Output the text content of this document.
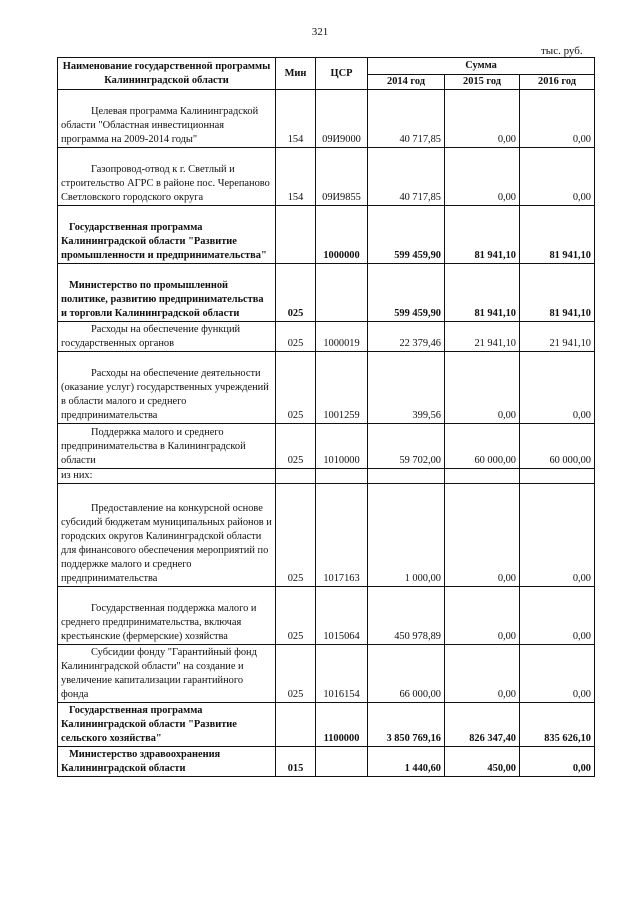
321
тыс. руб.
Наименование государственной программы Калининградской области	Мин	ЦСР	Сумма		
			2014 год	2015 год	2016 год
Целевая программа Калининградской области "Областная инвестиционная программа на 2009-2014 годы"	154	09И9000	40 717,85	0,00	0,00
Газопровод-отвод к г. Светлый и строительство АГРС в районе пос. Черепаново Светловского городского округа	154	09И9855	40 717,85	0,00	0,00
Государственная программа Калининградской области "Развитие промышленности и предпринимательства"		1000000	599 459,90	81 941,10	81 941,10
Министерство по промышленной политике, развитию предпринимательства и торговли Калининградской области	025		599 459,90	81 941,10	81 941,10
Расходы на обеспечение функций государственных органов	025	1000019	22 379,46	21 941,10	21 941,10
Расходы на обеспечение деятельности (оказание услуг) государственных учреждений в области малого и среднего предпринимательства	025	1001259	399,56	0,00	0,00
Поддержка малого и среднего предпринимательства в Калининградской области	025	1010000	59 702,00	60 000,00	60 000,00
из них:					
Предоставление на конкурсной основе субсидий бюджетам муниципальных районов и городских округов Калининградской области для финансового обеспечения мероприятий по поддержке малого и среднего предпринимательства	025	1017163	1 000,00	0,00	0,00
Государственная поддержка малого и среднего предпринимательства, включая крестьянские (фермерские) хозяйства	025	1015064	450 978,89	0,00	0,00
Субсидии фонду "Гарантийный фонд Калининградской области" на создание и увеличение капитализации гарантийного фонда	025	1016154	66 000,00	0,00	0,00
Государственная программа Калининградской области "Развитие сельского хозяйства"		1100000	3 850 769,16	826 347,40	835 626,10
Министерство здравоохранения Калининградской области	015		1 440,60	450,00	0,00
